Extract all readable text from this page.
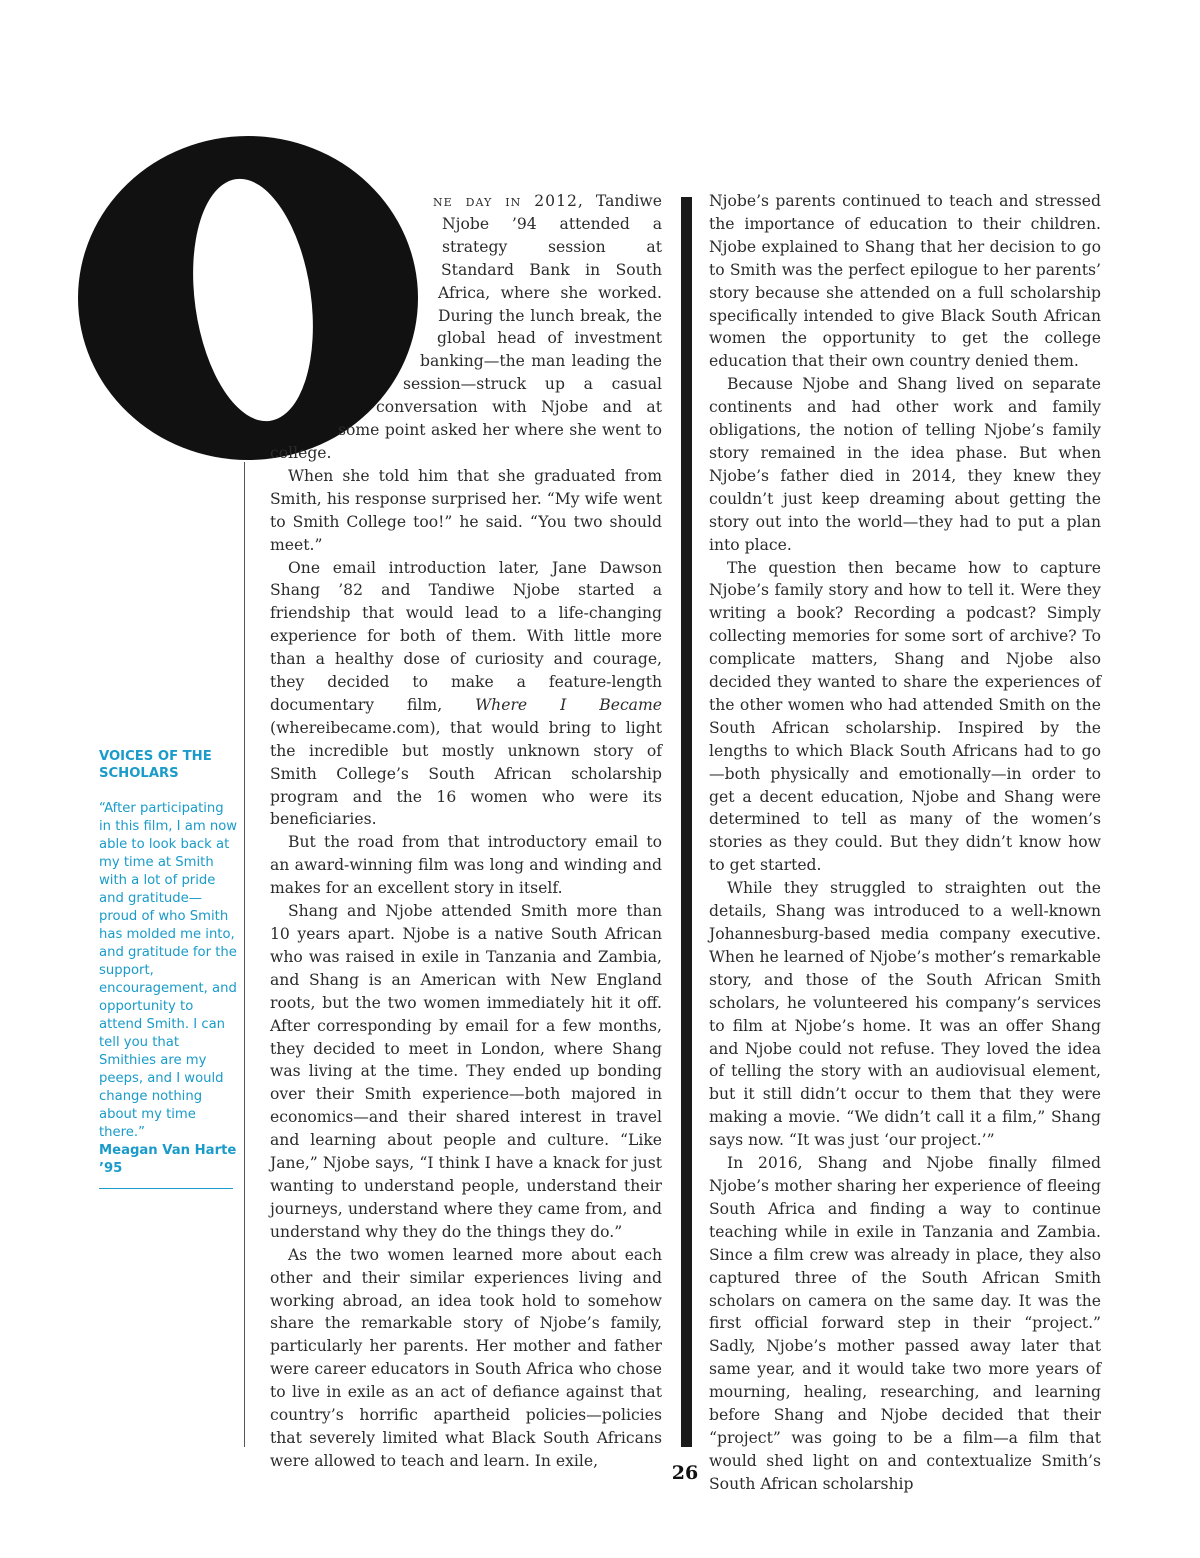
ne day in 2012, Tandiwe Njobe ’94 attended a strategy session at Standard Bank in South Africa, where she worked. During the lunch break, the global head of investment banking—the man leading the session—struck up a casual conversation with Njobe and at some point asked her where she went to college.

When she told him that she graduated from Smith, his response surprised her. “My wife went to Smith College too!” he said. “You two should meet.”

One email introduction later, Jane Dawson Shang ’82 and Tandiwe Njobe started a friendship that would lead to a life-changing experience for both of them. With little more than a healthy dose of curiosity and courage, they decided to make a feature-length documentary film, Where I Became (whereibecame.com), that would bring to light the incredible but mostly unknown story of Smith College’s South African scholarship program and the 16 women who were its beneficiaries.

But the road from that introductory email to an award-winning film was long and winding and makes for an excellent story in itself.

Shang and Njobe attended Smith more than 10 years apart. Njobe is a native South African who was raised in exile in Tanzania and Zambia, and Shang is an American with New England roots, but the two women immediately hit it off. After corresponding by email for a few months, they decided to meet in London, where Shang was living at the time. They ended up bonding over their Smith experience—both majored in economics—and their shared interest in travel and learning about people and culture. “Like Jane,” Njobe says, “I think I have a knack for just wanting to understand people, understand their journeys, understand where they came from, and understand why they do the things they do.”

As the two women learned more about each other and their similar experiences living and working abroad, an idea took hold to somehow share the remarkable story of Njobe’s family, particularly her parents. Her mother and father were career educators in South Africa who chose to live in exile as an act of defiance against that country’s horrific apartheid policies—policies that severely limited what Black South Africans were allowed to teach and learn. In exile,

Njobe’s parents continued to teach and stressed the importance of education to their children. Njobe explained to Shang that her decision to go to Smith was the perfect epilogue to her parents’ story because she attended on a full scholarship specifically intended to give Black South African women the opportunity to get the college education that their own country denied them.

Because Njobe and Shang lived on separate continents and had other work and family obligations, the notion of telling Njobe’s family story remained in the idea phase. But when Njobe’s father died in 2014, they knew they couldn’t just keep dreaming about getting the story out into the world—they had to put a plan into place.

The question then became how to capture Njobe’s family story and how to tell it. Were they writing a book? Recording a podcast? Simply collecting memories for some sort of archive? To complicate matters, Shang and Njobe also decided they wanted to share the experiences of the other women who had attended Smith on the South African scholarship. Inspired by the lengths to which Black South Africans had to go—both physically and emotionally—in order to get a decent education, Njobe and Shang were determined to tell as many of the women’s stories as they could. But they didn’t know how to get started.

While they struggled to straighten out the details, Shang was introduced to a well-known Johannesburg-based media company executive. When he learned of Njobe’s mother’s remarkable story, and those of the South African Smith scholars, he volunteered his company’s services to film at Njobe’s home. It was an offer Shang and Njobe could not refuse. They loved the idea of telling the story with an audiovisual element, but it still didn’t occur to them that they were making a movie. “We didn’t call it a film,” Shang says now. “It was just ‘our project.’”

In 2016, Shang and Njobe finally filmed Njobe’s mother sharing her experience of fleeing South Africa and finding a way to continue teaching while in exile in Tanzania and Zambia. Since a film crew was already in place, they also captured three of the South African Smith scholars on camera on the same day. It was the first official forward step in their “project.” Sadly, Njobe’s mother passed away later that same year, and it would take two more years of mourning, healing, researching, and learning before Shang and Njobe decided that their “project” was going to be a film—a film that would shed light on and contextualize Smith’s South African scholarship

VOICES OF THE SCHOLARS

“After participating in this film, I am now able to look back at my time at Smith with a lot of pride and gratitude—proud of who Smith has molded me into, and gratitude for the support, encouragement, and opportunity to attend Smith. I can tell you that Smithies are my peeps, and I would change nothing about my time there.”

Meagan Van Harte ’95

26
